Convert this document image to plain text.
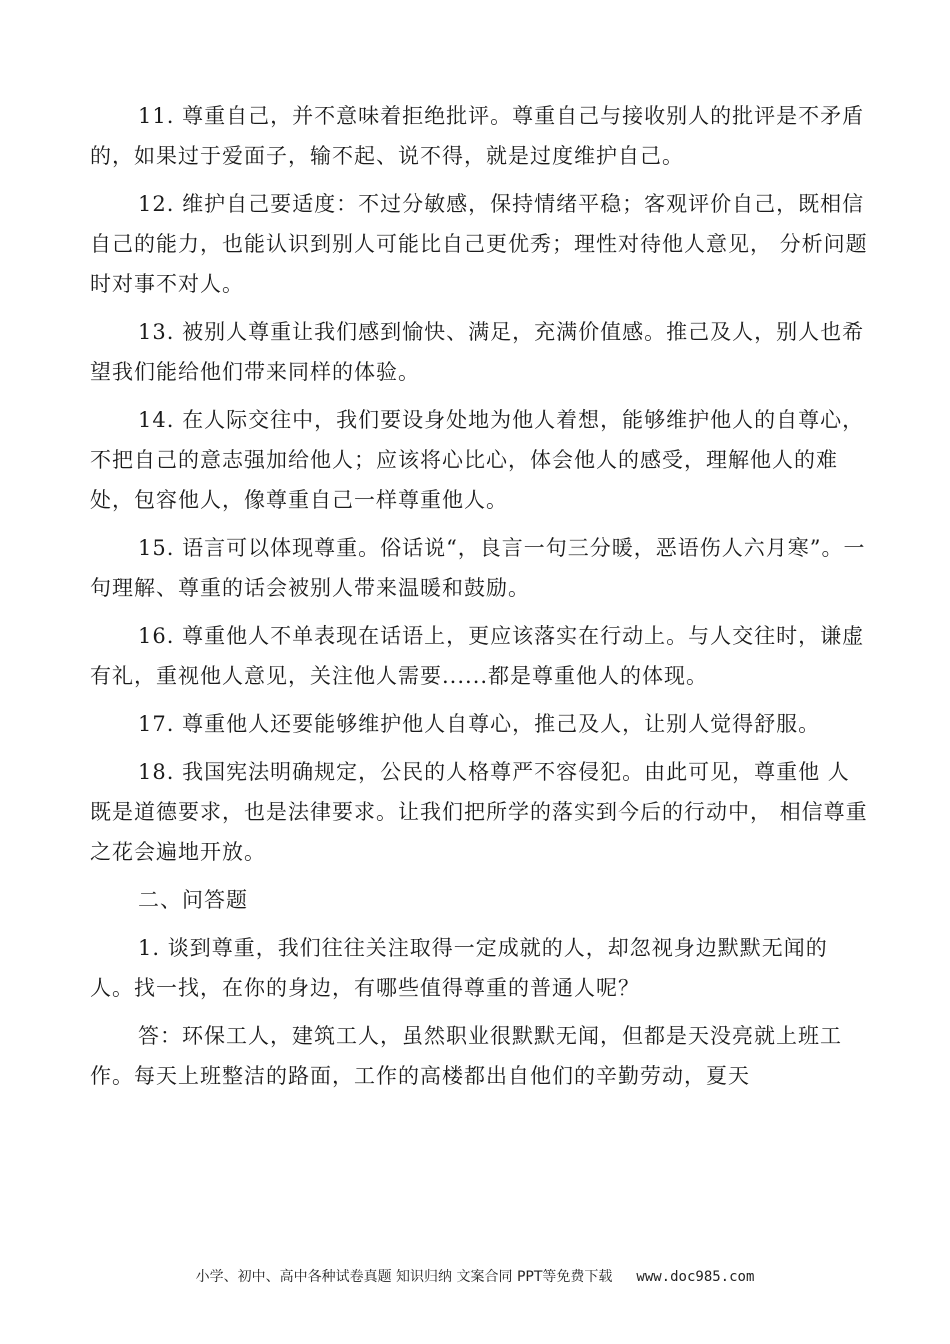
11. 尊重自己，并不意味着拒绝批评。尊重自己与接收别人的批评是不矛盾的，如果过于爱面子，输不起、说不得，就是过度维护自己。

12. 维护自己要适度：不过分敏感，保持情绪平稳；客观评价自己，既相信自己的能力，也能认识到别人可能比自己更优秀；理性对待他人意见， 分析问题时对事不对人。

13. 被别人尊重让我们感到愉快、满足，充满价值感。推己及人，别人也希望我们能给他们带来同样的体验。

14. 在人际交往中，我们要设身处地为他人着想，能够维护他人的自尊心，不把自己的意志强加给他人；应该将心比心，体会他人的感受，理解他人的难处，包容他人，像尊重自己一样尊重他人。

15. 语言可以体现尊重。俗话说“，良言一句三分暖，恶语伤人六月寒”。一句理解、尊重的话会被别人带来温暖和鼓励。

16. 尊重他人不单表现在话语上，更应该落实在行动上。与人交往时，谦虚有礼，重视他人意见，关注他人需要......都是尊重他人的体现。

17. 尊重他人还要能够维护他人自尊心，推己及人，让别人觉得舒服。

18. 我国宪法明确规定，公民的人格尊严不容侵犯。由此可见，尊重他 人既是道德要求，也是法律要求。让我们把所学的落实到今后的行动中， 相信尊重之花会遍地开放。

二、问答题

1. 谈到尊重，我们往往关注取得一定成就的人，却忽视身边默默无闻的人。找一找，在你的身边，有哪些值得尊重的普通人呢？

答：环保工人，建筑工人，虽然职业很默默无闻，但都是天没亮就上班工作。每天上班整洁的路面，工作的高楼都出自他们的辛勤劳动，夏天

小学、初中、高中各种试卷真题 知识归纳 文案合同 PPT等免费下载 www.doc985.com
